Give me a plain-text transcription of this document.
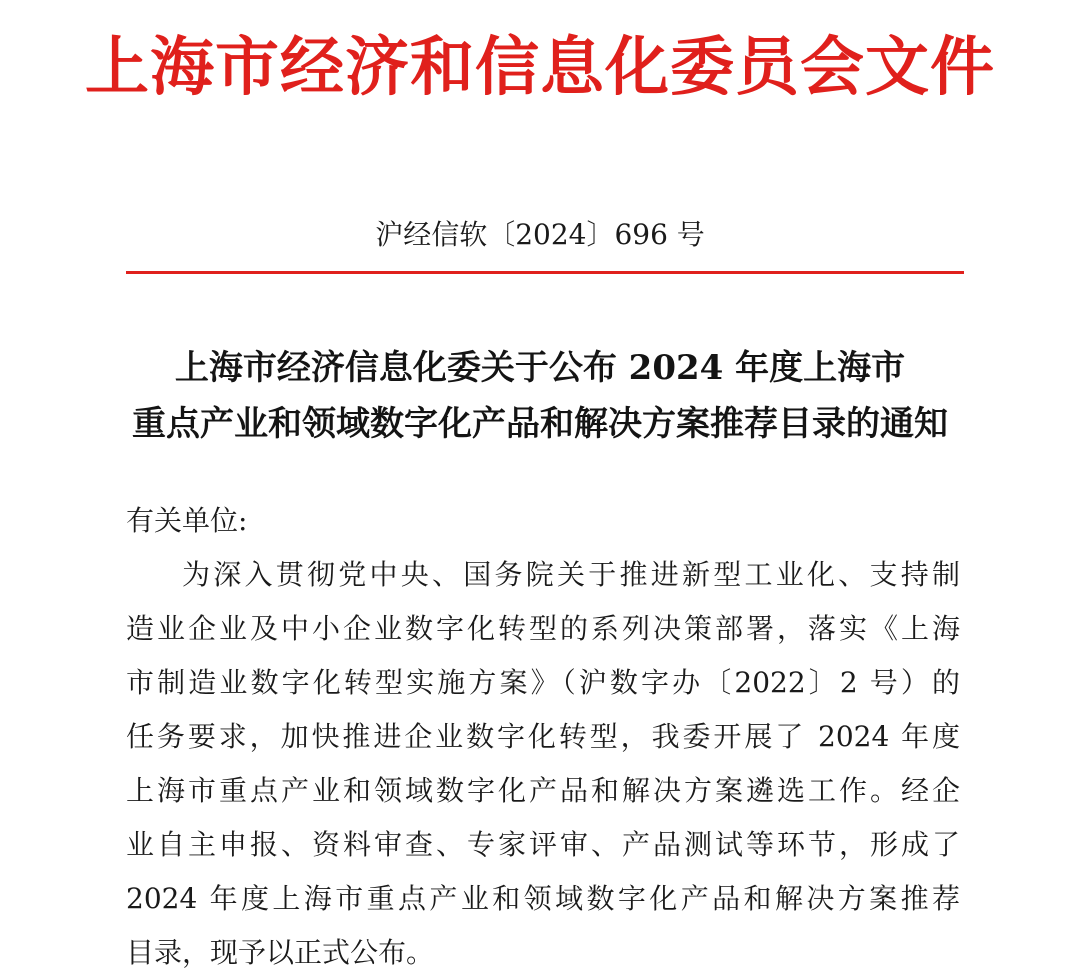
上海市经济和信息化委员会文件
沪经信软〔2024〕696 号
上海市经济信息化委关于公布 2024 年度上海市
重点产业和领域数字化产品和解决方案推荐目录的通知
有关单位:
为深入贯彻党中央、国务院关于推进新型工业化、支持制
造业企业及中小企业数字化转型的系列决策部署，落实《上海
市制造业数字化转型实施方案》（沪数字办〔2022〕2 号）的
任务要求，加快推进企业数字化转型，我委开展了 2024 年度
上海市重点产业和领域数字化产品和解决方案遴选工作。经企
业自主申报、资料审查、专家评审、产品测试等环节，形成了
2024 年度上海市重点产业和领域数字化产品和解决方案推荐
目录，现予以正式公布。
